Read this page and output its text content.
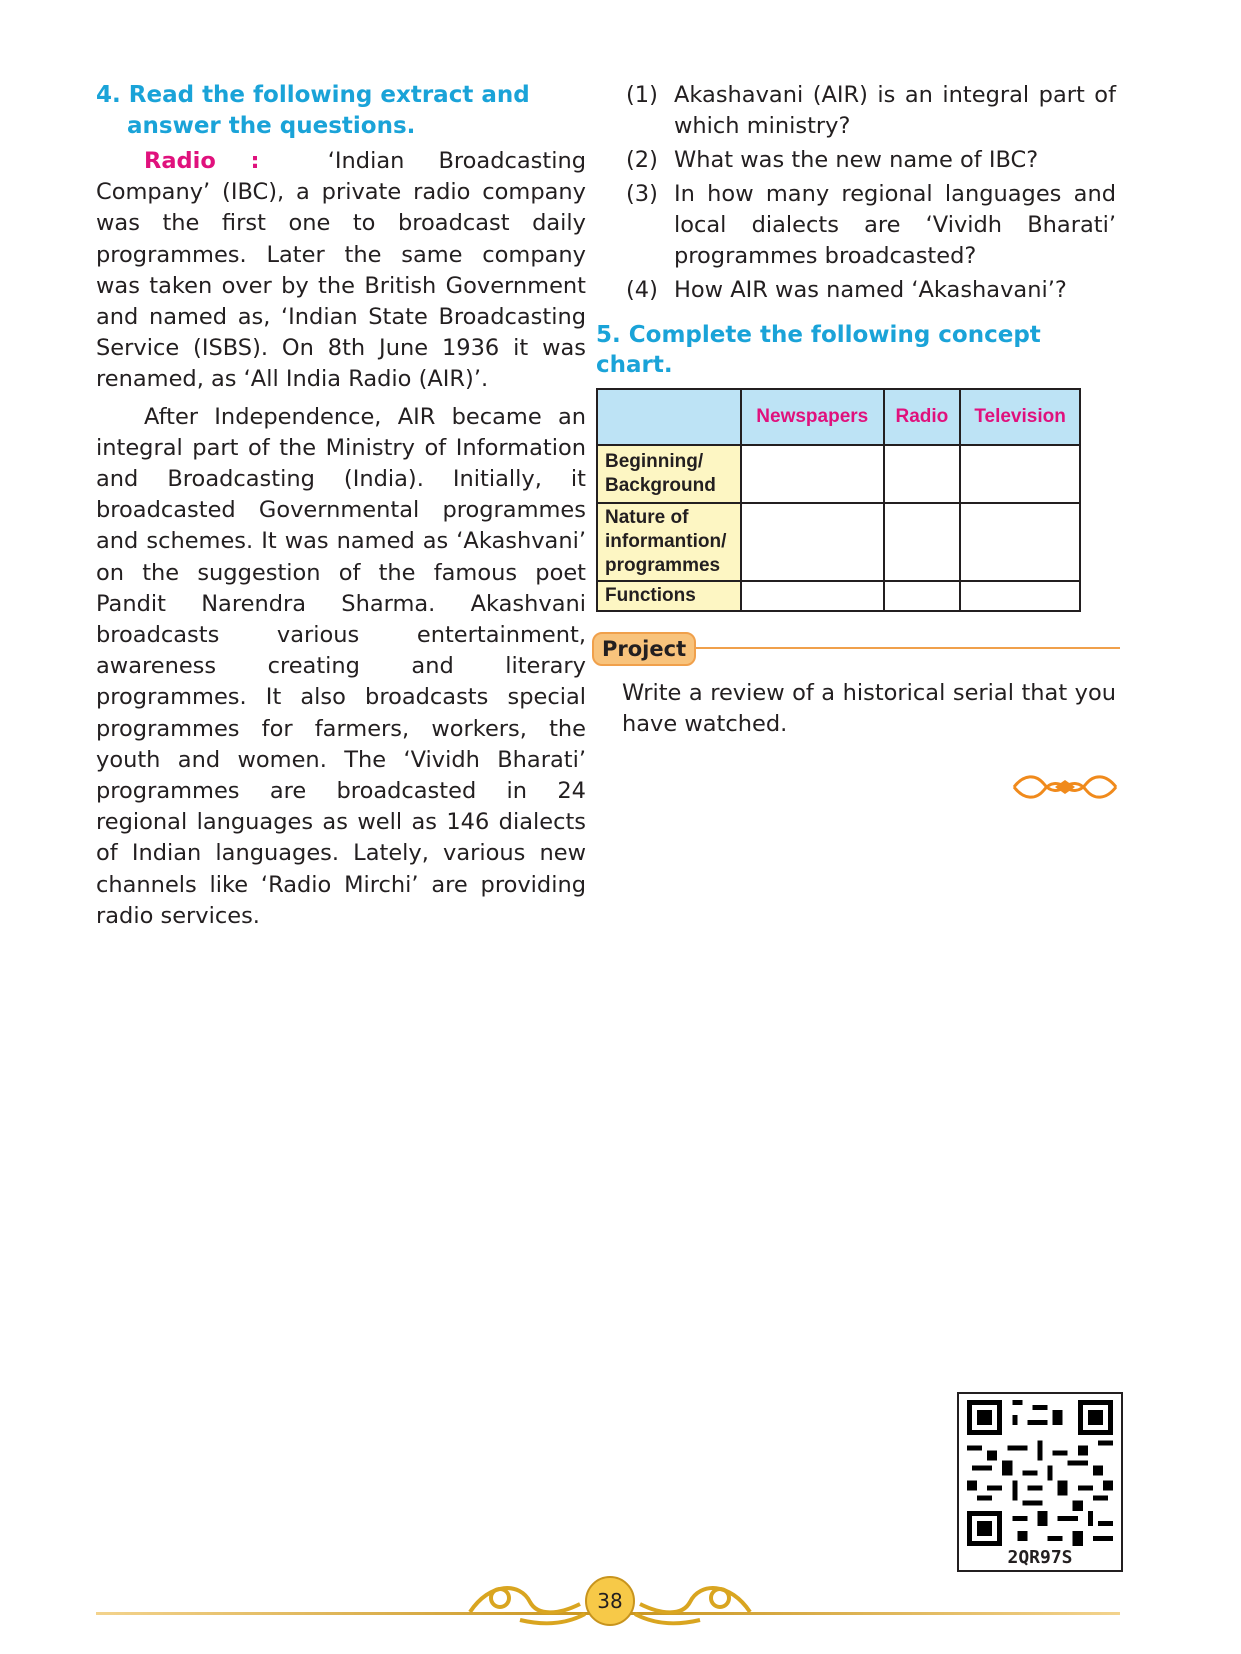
4. Read the following extract and answer the questions.

Radio :	‘Indian Broadcasting Company’ (IBC), a private radio company was the first one to broadcast daily programmes. Later the same company was taken over by the British Government and named as, ‘Indian State Broadcasting Service (ISBS). On 8th June 1936 it was renamed, as ‘All India Radio (AIR)’.

After Independence, AIR became an integral part of the Ministry of Information and Broadcasting (India). Initially, it broadcasted Governmental programmes and schemes. It was named as ‘Akashvani’ on the suggestion of the famous poet Pandit Narendra Sharma. Akashvani broadcasts various entertainment, awareness creating and literary programmes. It also broadcasts special programmes for farmers, workers, the youth and women. The ‘Vividh Bharati’ programmes are broadcasted in 24 regional languages as well as 146 dialects of Indian languages. Lately, various new channels like ‘Radio Mirchi’ are providing radio services.

(1) Akashavani (AIR) is an integral part of which ministry?
(2) What was the new name of IBC?
(3) In how many regional languages and local dialects are ‘Vividh Bharati’ programmes broadcasted?
(4) How AIR was named ‘Akashavani’?

5. Complete the following concept chart.

	Newspapers	Radio	Television
Beginning/ Background			
Nature of informantion/ programmes			
Functions			
Project

Write a review of a historical serial that you have watched.

2QR97S
38
